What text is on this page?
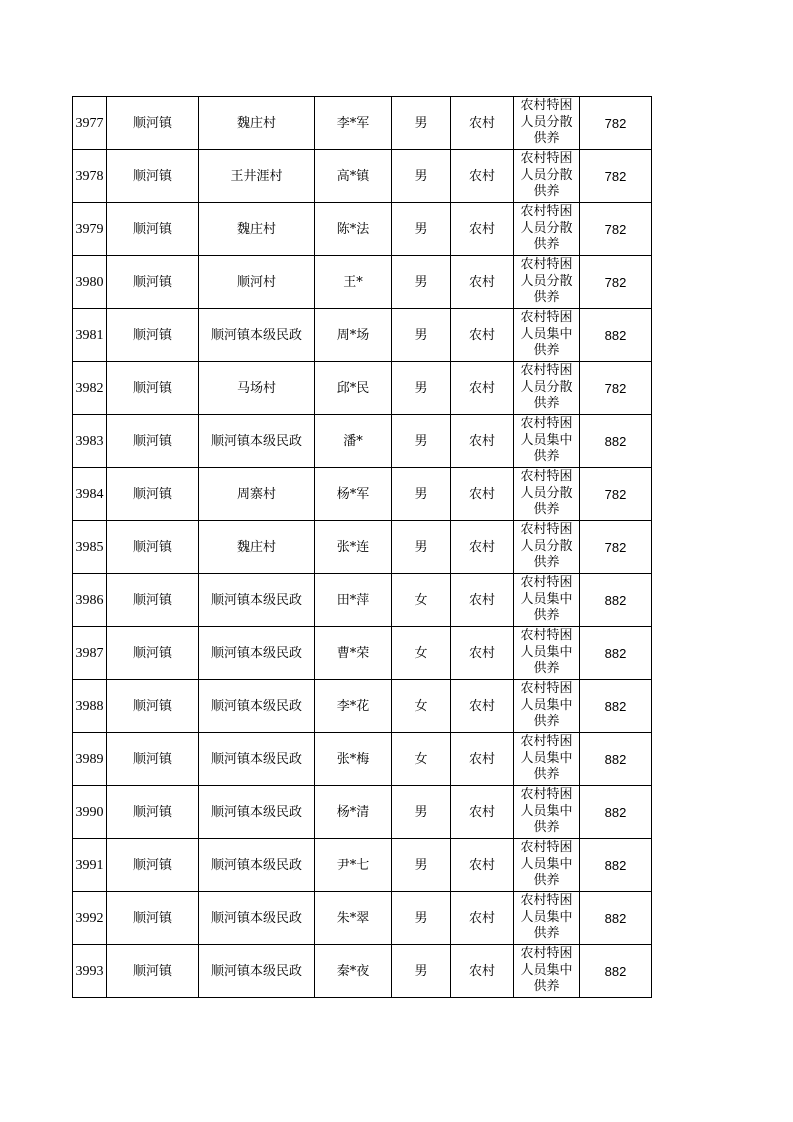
3977	顺河镇	魏庄村	李*军	男	农村	农村特困
人员分散
供养	782
3978	顺河镇	王井涯村	高*镇	男	农村	农村特困
人员分散
供养	782
3979	顺河镇	魏庄村	陈*法	男	农村	农村特困
人员分散
供养	782
3980	顺河镇	顺河村	王*	男	农村	农村特困
人员分散
供养	782
3981	顺河镇	顺河镇本级民政	周*场	男	农村	农村特困
人员集中
供养	882
3982	顺河镇	马场村	邱*民	男	农村	农村特困
人员分散
供养	782
3983	顺河镇	顺河镇本级民政	潘*	男	农村	农村特困
人员集中
供养	882
3984	顺河镇	周寨村	杨*军	男	农村	农村特困
人员分散
供养	782
3985	顺河镇	魏庄村	张*连	男	农村	农村特困
人员分散
供养	782
3986	顺河镇	顺河镇本级民政	田*萍	女	农村	农村特困
人员集中
供养	882
3987	顺河镇	顺河镇本级民政	曹*荣	女	农村	农村特困
人员集中
供养	882
3988	顺河镇	顺河镇本级民政	李*花	女	农村	农村特困
人员集中
供养	882
3989	顺河镇	顺河镇本级民政	张*梅	女	农村	农村特困
人员集中
供养	882
3990	顺河镇	顺河镇本级民政	杨*清	男	农村	农村特困
人员集中
供养	882
3991	顺河镇	顺河镇本级民政	尹*七	男	农村	农村特困
人员集中
供养	882
3992	顺河镇	顺河镇本级民政	朱*翠	男	农村	农村特困
人员集中
供养	882
3993	顺河镇	顺河镇本级民政	秦*夜	男	农村	农村特困
人员集中
供养	882
